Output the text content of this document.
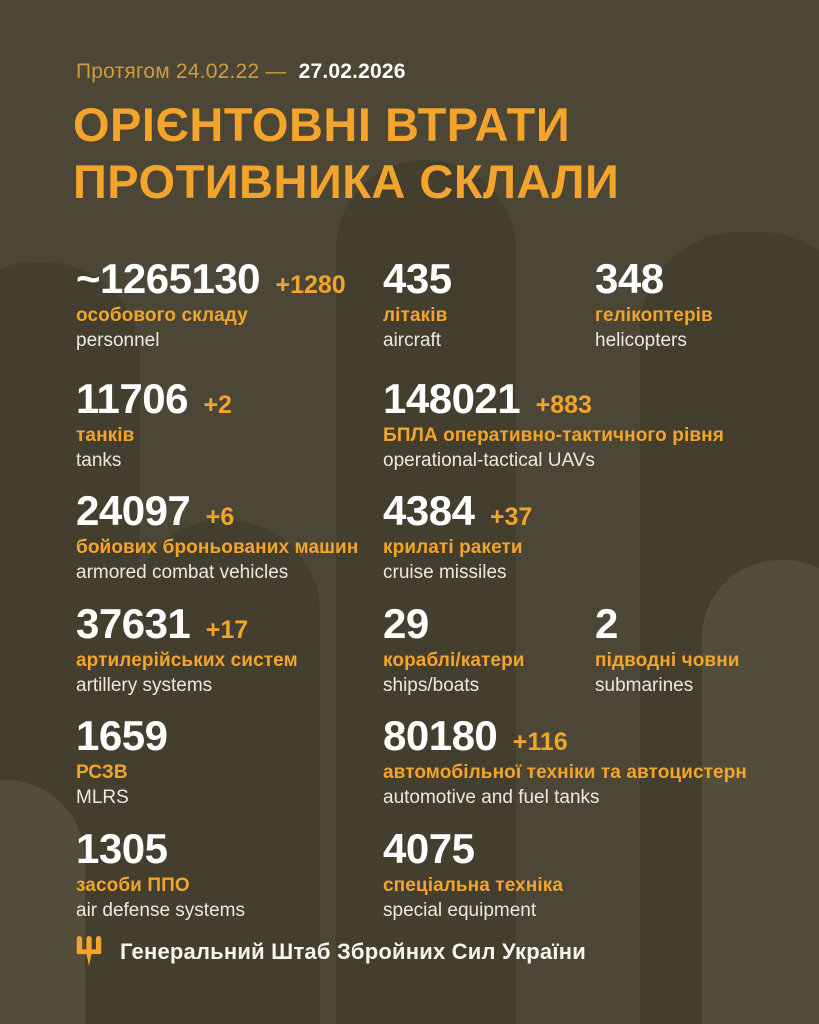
Протягом 24.02.22 — 27.02.2026
ОРІЄНТОВНІ ВТРАТИ
ПРОТИВНИКА СКЛАЛИ
~1265130 +1280
особового складу
personnel
435
літаків
aircraft
348
гелікоптерів
helicopters
11706 +2
танків
tanks
148021 +883
БПЛА оперативно-тактичного рівня
operational-tactical UAVs
24097 +6
бойових броньованих машин
armored combat vehicles
4384 +37
крилаті ракети
cruise missiles
37631 +17
артилерійських систем
artillery systems
29
кораблі/катери
ships/boats
2
підводні човни
submarines
1659
РСЗВ
MLRS
80180 +116
автомобільної техніки та автоцистерн
automotive and fuel tanks
1305
засоби ППО
air defense systems
4075
спеціальна техніка
special equipment
Генеральний Штаб Збройних Сил України
